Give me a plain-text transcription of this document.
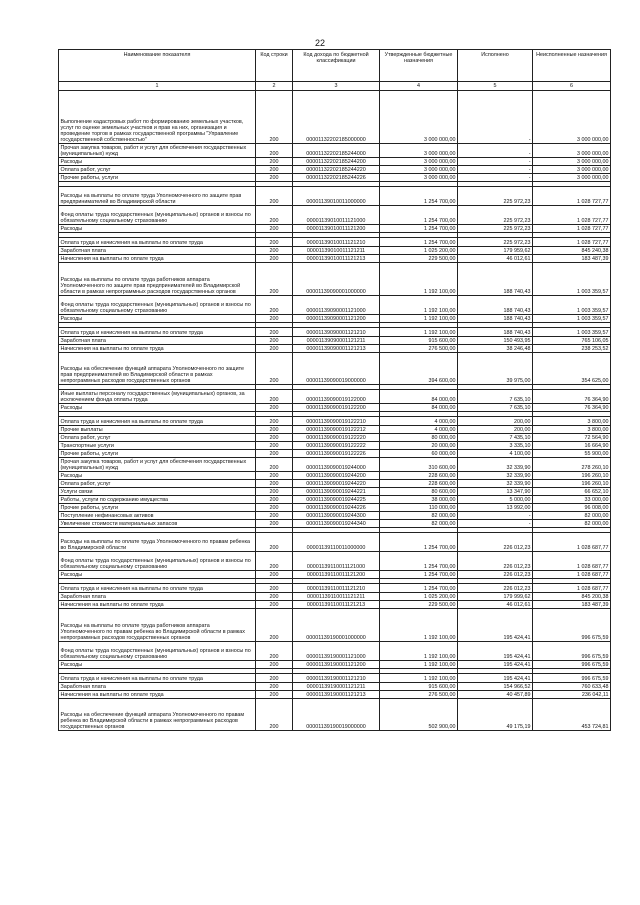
22
Наименование показателя	Код строки	Код дохода по бюджетной классификации	Утвержденные бюджетные назначения	Исполнено	Неисполненные назначения
1	2	3	4	5	6
Выполнение кадастровых работ по формированию земельных участков, услуг по оценке земельных участков и прав на них, организация и проведение торгов в рамках государственной программы "Управление государственной собственностью"	200	00001132202185000000	3 000 000,00	-	3 000 000,00
Прочая закупка товаров, работ и услуг для обеспечения государственных (муниципальных) нужд	200	00001132202185244000	3 000 000,00	-	3 000 000,00
Расходы	200	00001132202185244200	3 000 000,00	-	3 000 000,00
Оплата работ, услуг	200	00001132202185244220	3 000 000,00	-	3 000 000,00
Прочие работы, услуги	200	00001132202185244226	3 000 000,00	-	3 000 000,00

Расходы на выплаты по оплате труда Уполномоченного по защите прав предпринимателей во Владимирской области	200	00001139010011000000	1 254 700,00	225 972,23	1 028 727,77
Фонд оплаты труда государственных (муниципальных) органов и взносы по обязательному социальному страхованию	200	00001139010011121000	1 254 700,00	225 972,23	1 028 727,77
Расходы	200	00001139010011121200	1 254 700,00	225 972,23	1 028 727,77

Оплата труда и начисления на выплаты по оплате труда	200	00001139010011121210	1 254 700,00	225 972,23	1 028 727,77
Заработная плата	200	00001139010011121211	1 025 200,00	179 959,62	845 240,38
Начисления на выплаты по оплате труда	200	00001139010011121213	229 500,00	46 012,61	183 487,39
Расходы на выплаты по оплате труда работников аппарата Уполномоченного по защите прав предпринимателей во Владимирской области в рамках непрограммных расходов государственных органов	200	00001139090001000000	1 192 100,00	188 740,43	1 003 359,57
Фонд оплаты труда государственных (муниципальных) органов и взносы по обязательному социальному страхованию	200	00001139090001121000	1 192 100,00	188 740,43	1 003 359,57
Расходы	200	00001139090001121200	1 192 100,00	188 740,43	1 003 359,57

Оплата труда и начисления на выплаты по оплате труда	200	00001139090001121210	1 192 100,00	188 740,43	1 003 359,57
Заработная плата	200	00001139090001121211	915 600,00	150 493,95	765 106,05
Начисления на выплаты по оплате труда	200	00001139090001121213	276 500,00	38 246,48	238 253,52
Расходы на обеспечение функций аппарата Уполномоченного по защите прав предпринимателей во Владимирской области в рамках непрограммных расходов государственных органов	200	00001139090019000000	394 600,00	39 975,00	354 625,00

Иные выплаты персоналу государственных (муниципальных) органов, за исключением фонда оплаты труда	200	00001139090019122000	84 000,00	7 635,10	76 364,90
Расходы	200	00001139090019122200	84 000,00	7 635,10	76 364,90

Оплата труда и начисления на выплаты по оплате труда	200	00001139090019122210	4 000,00	200,00	3 800,00
Прочие выплаты	200	00001139090019122212	4 000,00	200,00	3 800,00
Оплата работ, услуг	200	00001139090019122220	80 000,00	7 435,10	72 564,90
Транспортные услуги	200	00001139090019122222	20 000,00	3 335,10	16 664,90
Прочие работы, услуги	200	00001139090019122226	60 000,00	4 100,00	55 900,00
Прочая закупка товаров, работ и услуг для обеспечения государственных (муниципальных) нужд	200	00001139090019244000	310 600,00	32 339,90	278 260,10
Расходы	200	00001139090019244200	228 600,00	32 339,90	196 260,10
Оплата работ, услуг	200	00001139090019244220	228 600,00	32 339,90	196 260,10
Услуги связи	200	00001139090019244221	80 600,00	13 347,90	66 652,10
Работы, услуги по содержанию имущества	200	00001139090019244225	38 000,00	5 000,00	33 000,00
Прочие работы, услуги	200	00001139090019244226	110 000,00	13 992,00	96 008,00
Поступление нефинансовых активов	200	00001139090019244300	82 000,00	-	82 000,00
Увеличение стоимости материальных запасов	200	00001139090019244340	82 000,00	-	82 000,00

Расходы на выплаты по оплате труда Уполномоченного по правам ребенка во Владимирской области	200	00001139110011000000	1 254 700,00	226 012,23	1 028 687,77
Фонд оплаты труда государственных (муниципальных) органов и взносы по обязательному социальному страхованию	200	00001139110011121000	1 254 700,00	226 012,23	1 028 687,77
Расходы	200	00001139110011121200	1 254 700,00	226 012,23	1 028 687,77

Оплата труда и начисления на выплаты по оплате труда	200	00001139110011121210	1 254 700,00	226 012,23	1 028 687,77
Заработная плата	200	00001139110011121211	1 025 200,00	179 999,62	845 200,38
Начисления на выплаты по оплате труда	200	00001139110011121213	229 500,00	46 012,61	183 487,39
Расходы на выплаты по оплате труда работников аппарата Уполномоченного по правам ребенка во Владимирской области в рамках непрограммных расходов государственных органов	200	00001139190001000000	1 192 100,00	195 424,41	996 675,59
Фонд оплаты труда государственных (муниципальных) органов и взносы по обязательному социальному страхованию	200	00001139190001121000	1 192 100,00	195 424,41	996 675,59
Расходы	200	00001139190001121200	1 192 100,00	195 424,41	996 675,59

Оплата труда и начисления на выплаты по оплате труда	200	00001139190001121210	1 192 100,00	195 424,41	996 675,59
Заработная плата	200	00001139190001121211	915 600,00	154 966,52	760 633,48
Начисления на выплаты по оплате труда	200	00001139190001121213	276 500,00	40 457,89	236 042,11
Расходы на обеспечение функций аппарата Уполномоченного по правам ребенка во Владимирской области в рамках непрограммных расходов государственных органов	200	00001139190019000000	502 900,00	49 175,19	453 724,81
